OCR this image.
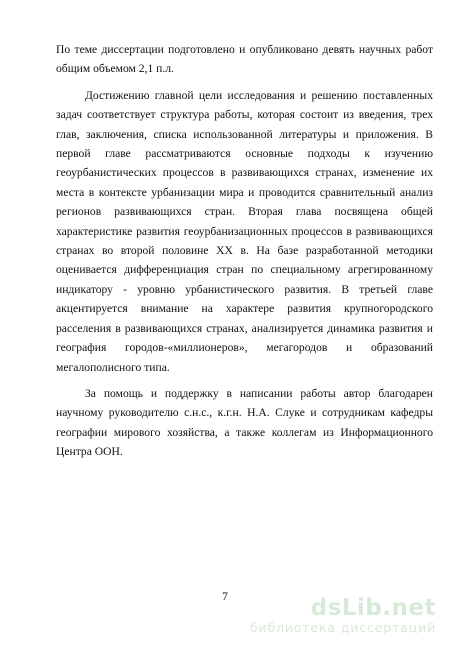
По теме диссертации подготовлено и опубликовано девять научных работ общим объемом 2,1 п.л.

Достижению главной цели исследования и решению поставленных задач соответствует структура работы, которая состоит из введения, трех глав, заключения, списка использованной литературы и приложения. В первой главе рассматриваются основные подходы к изучению геоурбанистических процессов в развивающихся странах, изменение их места в контексте урбанизации мира и проводится сравнительный анализ регионов развивающихся стран. Вторая глава посвящена общей характеристике развития геоурбанизационных процессов в развивающихся странах во второй половине XX в. На базе разработанной методики оценивается дифференциация стран по специальному агрегированному индикатору - уровню урбанистического развития. В третьей главе акцентируется внимание на характере развития крупногородского расселения в развивающихся странах, анализируется динамика развития и география городов-«миллионеров», мегагородов и образований мегалополисного типа.

За помощь и поддержку в написании работы автор благодарен научному руководителю с.н.с., к.г.н. Н.А. Слуке и сотрудникам кафедры географии мирового хозяйства, а также коллегам из Информационного Центра ООН.

7	dsLib.net
библиотека диссертаций
